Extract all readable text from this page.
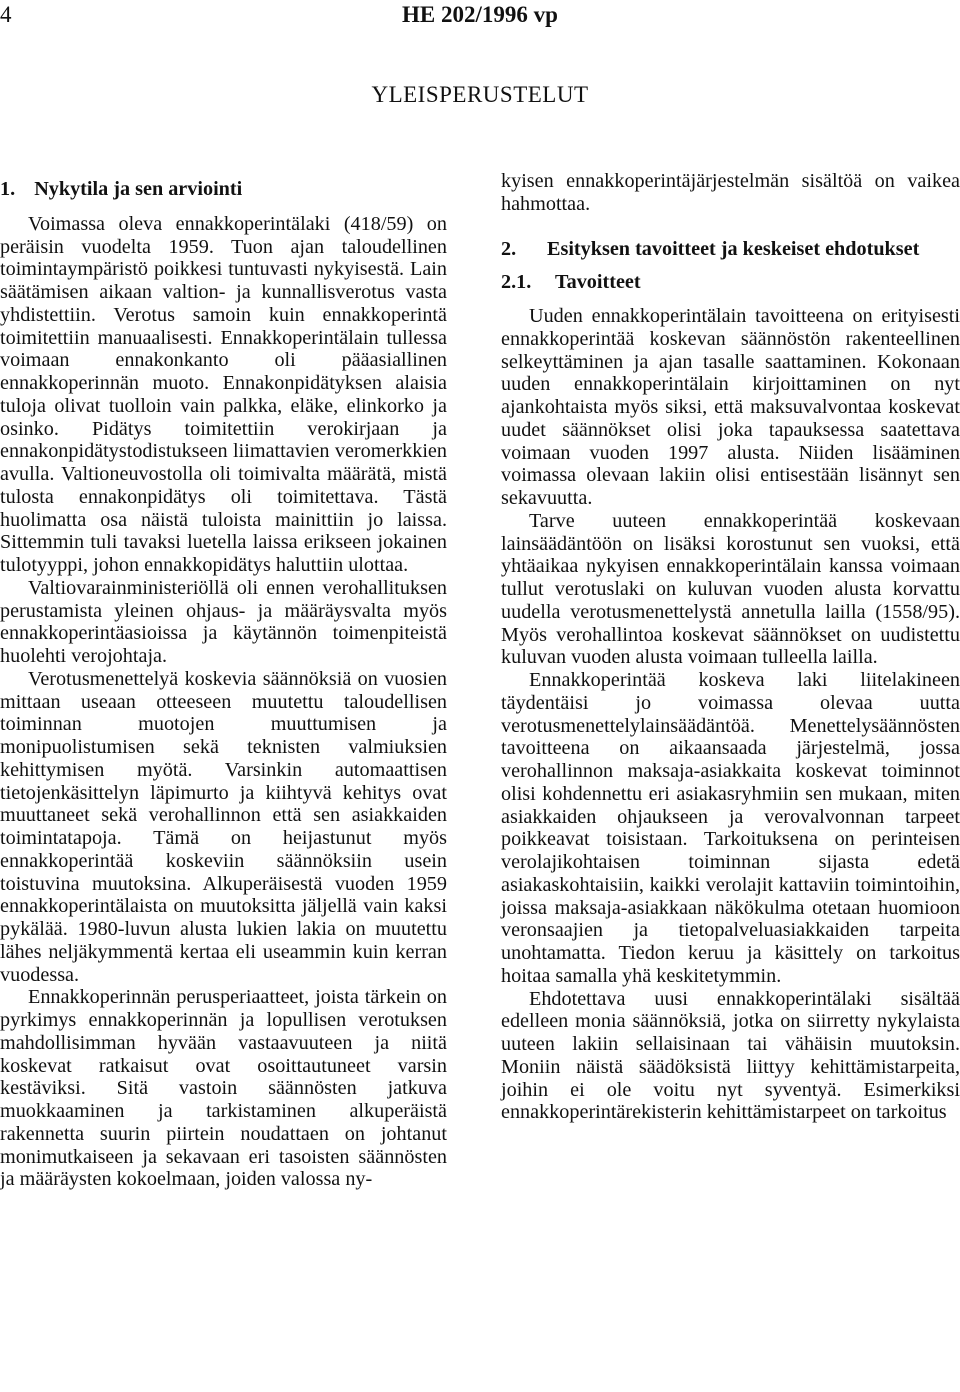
4	HE 202/1996 vp
YLEISPERUSTELUT
1. Nykytila ja sen arviointi

Voimassa oleva ennakkoperintälaki (418/59) on peräisin vuodelta 1959. Tuon ajan taloudellinen toimintaympäristö poikkesi tuntuvasti nykyisestä. Lain säätämisen aikaan valtion- ja kunnallisverotus vasta yhdistettiin. Verotus samoin kuin ennakkoperintä toimitettiin manuaalisesti. Ennakkoperintälain tullessa voimaan ennakonkanto oli pääasiallinen ennakkoperinnän muoto. Ennakonpidätyksen alaisia tuloja olivat tuolloin vain palkka, eläke, elinkorko ja osinko. Pidätys toimitettiin verokirjaan ja ennakonpidätystodistukseen liimattavien veromerkkien avulla. Valtioneuvostolla oli toimivalta määrätä, mistä tulosta ennakonpidätys oli toimitettava. Tästä huolimatta osa näistä tuloista mainittiin jo laissa. Sittemmin tuli tavaksi luetella laissa erikseen jokainen tulotyyppi, johon ennakkopidätys haluttiin ulottaa.

Valtiovarainministeriöllä oli ennen verohallituksen perustamista yleinen ohjaus- ja määräysvalta myös ennakkoperintäasioissa ja käytännön toimenpiteistä huolehti verojohtaja.

Verotusmenettelyä koskevia säännöksiä on vuosien mittaan useaan otteeseen muutettu taloudellisen toiminnan muotojen muuttumisen ja monipuolistumisen sekä teknisten valmiuksien kehittymisen myötä. Varsinkin automaattisen tietojenkäsittelyn läpimurto ja kiihtyvä kehitys ovat muuttaneet sekä verohallinnon että sen asiakkaiden toimintatapoja. Tämä on heijastunut myös ennakkoperintää koskeviin säännöksiin usein toistuvina muutoksina. Alkuperäisestä vuoden 1959 ennakkoperintälaista on muutoksitta jäljellä vain kaksi pykälää. 1980-luvun alusta lukien lakia on muutettu lähes neljäkymmentä kertaa eli useammin kuin kerran vuodessa.

Ennakkoperinnän perusperiaatteet, joista tärkein on pyrkimys ennakkoperinnän ja lopullisen verotuksen mahdollisimman hyvään vastaavuuteen ja niitä koskevat ratkaisut ovat osoittautuneet varsin kestäviksi. Sitä vastoin säännösten jatkuva muokkaaminen ja tarkistaminen alkuperäistä rakennetta suurin piirtein noudattaen on johtanut monimutkaiseen ja sekavaan eri tasoisten säännösten ja määräysten kokoelmaan, joiden valossa ny-

kyisen ennakkoperintäjärjestelmän sisältöä on vaikea hahmottaa.

2.	Esityksen tavoitteet ja keskeiset ehdotukset
2.1.	Tavoitteet

Uuden ennakkoperintälain tavoitteena on erityisesti ennakkoperintää koskevan säännöstön rakenteellinen selkeyttäminen ja ajan tasalle saattaminen. Kokonaan uuden ennakkoperintälain kirjoittaminen on nyt ajankohtaista myös siksi, että maksuvalvontaa koskevat uudet säännökset olisi joka tapauksessa saatettava voimaan vuoden 1997 alusta. Niiden lisääminen voimassa olevaan lakiin olisi entisestään lisännyt sen sekavuutta.

Tarve uuteen ennakkoperintää koskevaan lainsäädäntöön on lisäksi korostunut sen vuoksi, että yhtäaikaa nykyisen ennakkoperintälain kanssa voimaan tullut verotuslaki on kuluvan vuoden alusta korvattu uudella verotusmenettelystä annetulla lailla (1558/95). Myös verohallintoa koskevat säännökset on uudistettu kuluvan vuoden alusta voimaan tulleella lailla.

Ennakkoperintää koskeva laki liitelakineen täydentäisi jo voimassa olevaa uutta verotusmenettelylainsäädäntöä. Menettelysäännösten tavoitteena on aikaansaada järjestelmä, jossa verohallinnon maksaja-asiakkaita koskevat toiminnot olisi kohdennettu eri asiakasryhmiin sen mukaan, miten asiakkaiden ohjaukseen ja verovalvonnan tarpeet poikkeavat toisistaan. Tarkoituksena on perinteisen verolajikohtaisen toiminnan sijasta edetä asiakaskohtaisiin, kaikki verolajit kattaviin toimintoihin, joissa maksaja-asiakkaan näkökulma otetaan huomioon veronsaajien ja tietopalveluasiakkaiden tarpeita unohtamatta. Tiedon keruu ja käsittely on tarkoitus hoitaa samalla yhä keskitetymmin.

Ehdotettava uusi ennakkoperintälaki sisältää edelleen monia säännöksiä, jotka on siirretty nykylaista uuteen lakiin sellaisinaan tai vähäisin muutoksin. Moniin näistä säädöksistä liittyy kehittämistarpeita, joihin ei ole voitu nyt syventyä. Esimerkiksi ennakkoperintärekisterin kehittämistarpeet on tarkoitus
